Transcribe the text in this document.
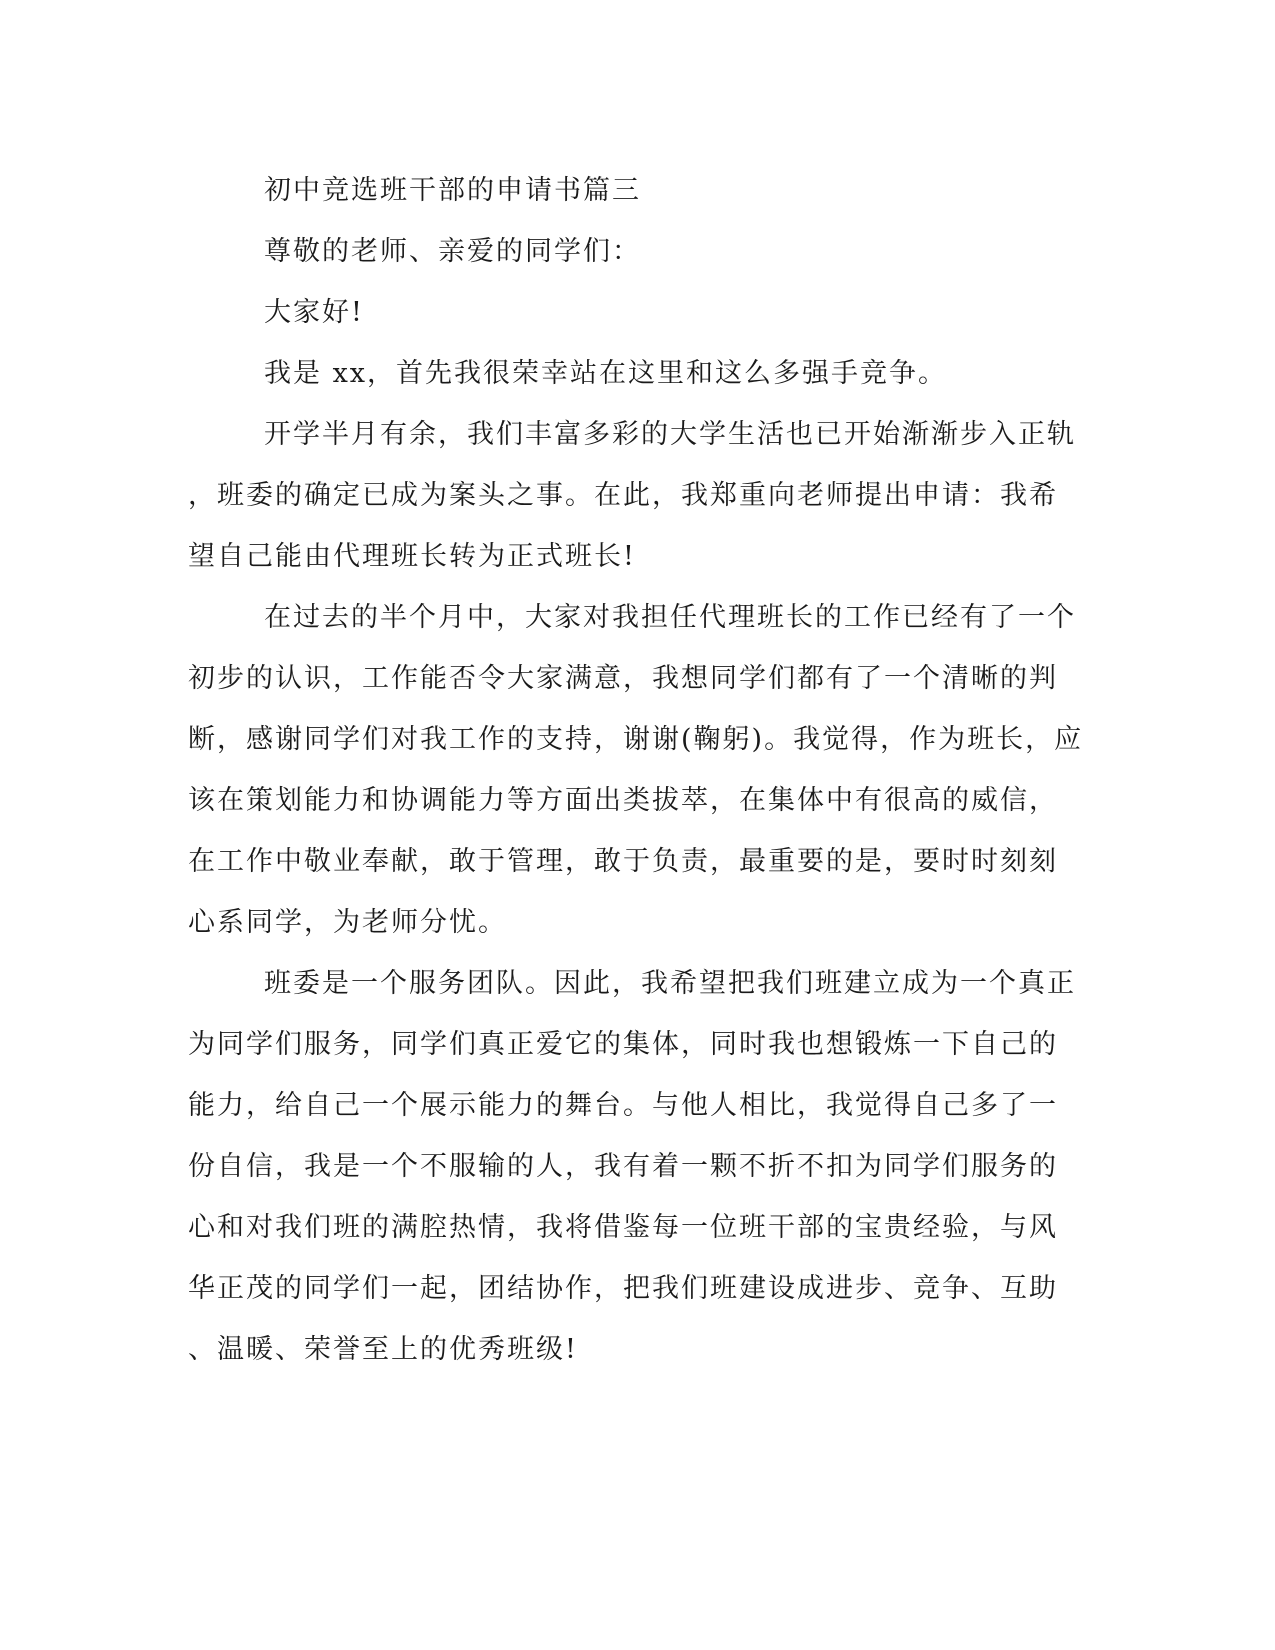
初中竞选班干部的申请书篇三
尊敬的老师、亲爱的同学们：
大家好!
我是 xx，首先我很荣幸站在这里和这么多强手竞争。
开学半月有余，我们丰富多彩的大学生活也已开始渐渐步入正轨
，班委的确定已成为案头之事。在此，我郑重向老师提出申请：我希
望自己能由代理班长转为正式班长!
在过去的半个月中，大家对我担任代理班长的工作已经有了一个
初步的认识，工作能否令大家满意，我想同学们都有了一个清晰的判
断，感谢同学们对我工作的支持，谢谢(鞠躬)。我觉得，作为班长，应
该在策划能力和协调能力等方面出类拔萃，在集体中有很高的威信，
在工作中敬业奉献，敢于管理，敢于负责，最重要的是，要时时刻刻
心系同学，为老师分忧。
班委是一个服务团队。因此，我希望把我们班建立成为一个真正
为同学们服务，同学们真正爱它的集体，同时我也想锻炼一下自己的
能力，给自己一个展示能力的舞台。与他人相比，我觉得自己多了一
份自信，我是一个不服输的人，我有着一颗不折不扣为同学们服务的
心和对我们班的满腔热情，我将借鉴每一位班干部的宝贵经验，与风
华正茂的同学们一起，团结协作，把我们班建设成进步、竞争、互助
、温暖、荣誉至上的优秀班级!
